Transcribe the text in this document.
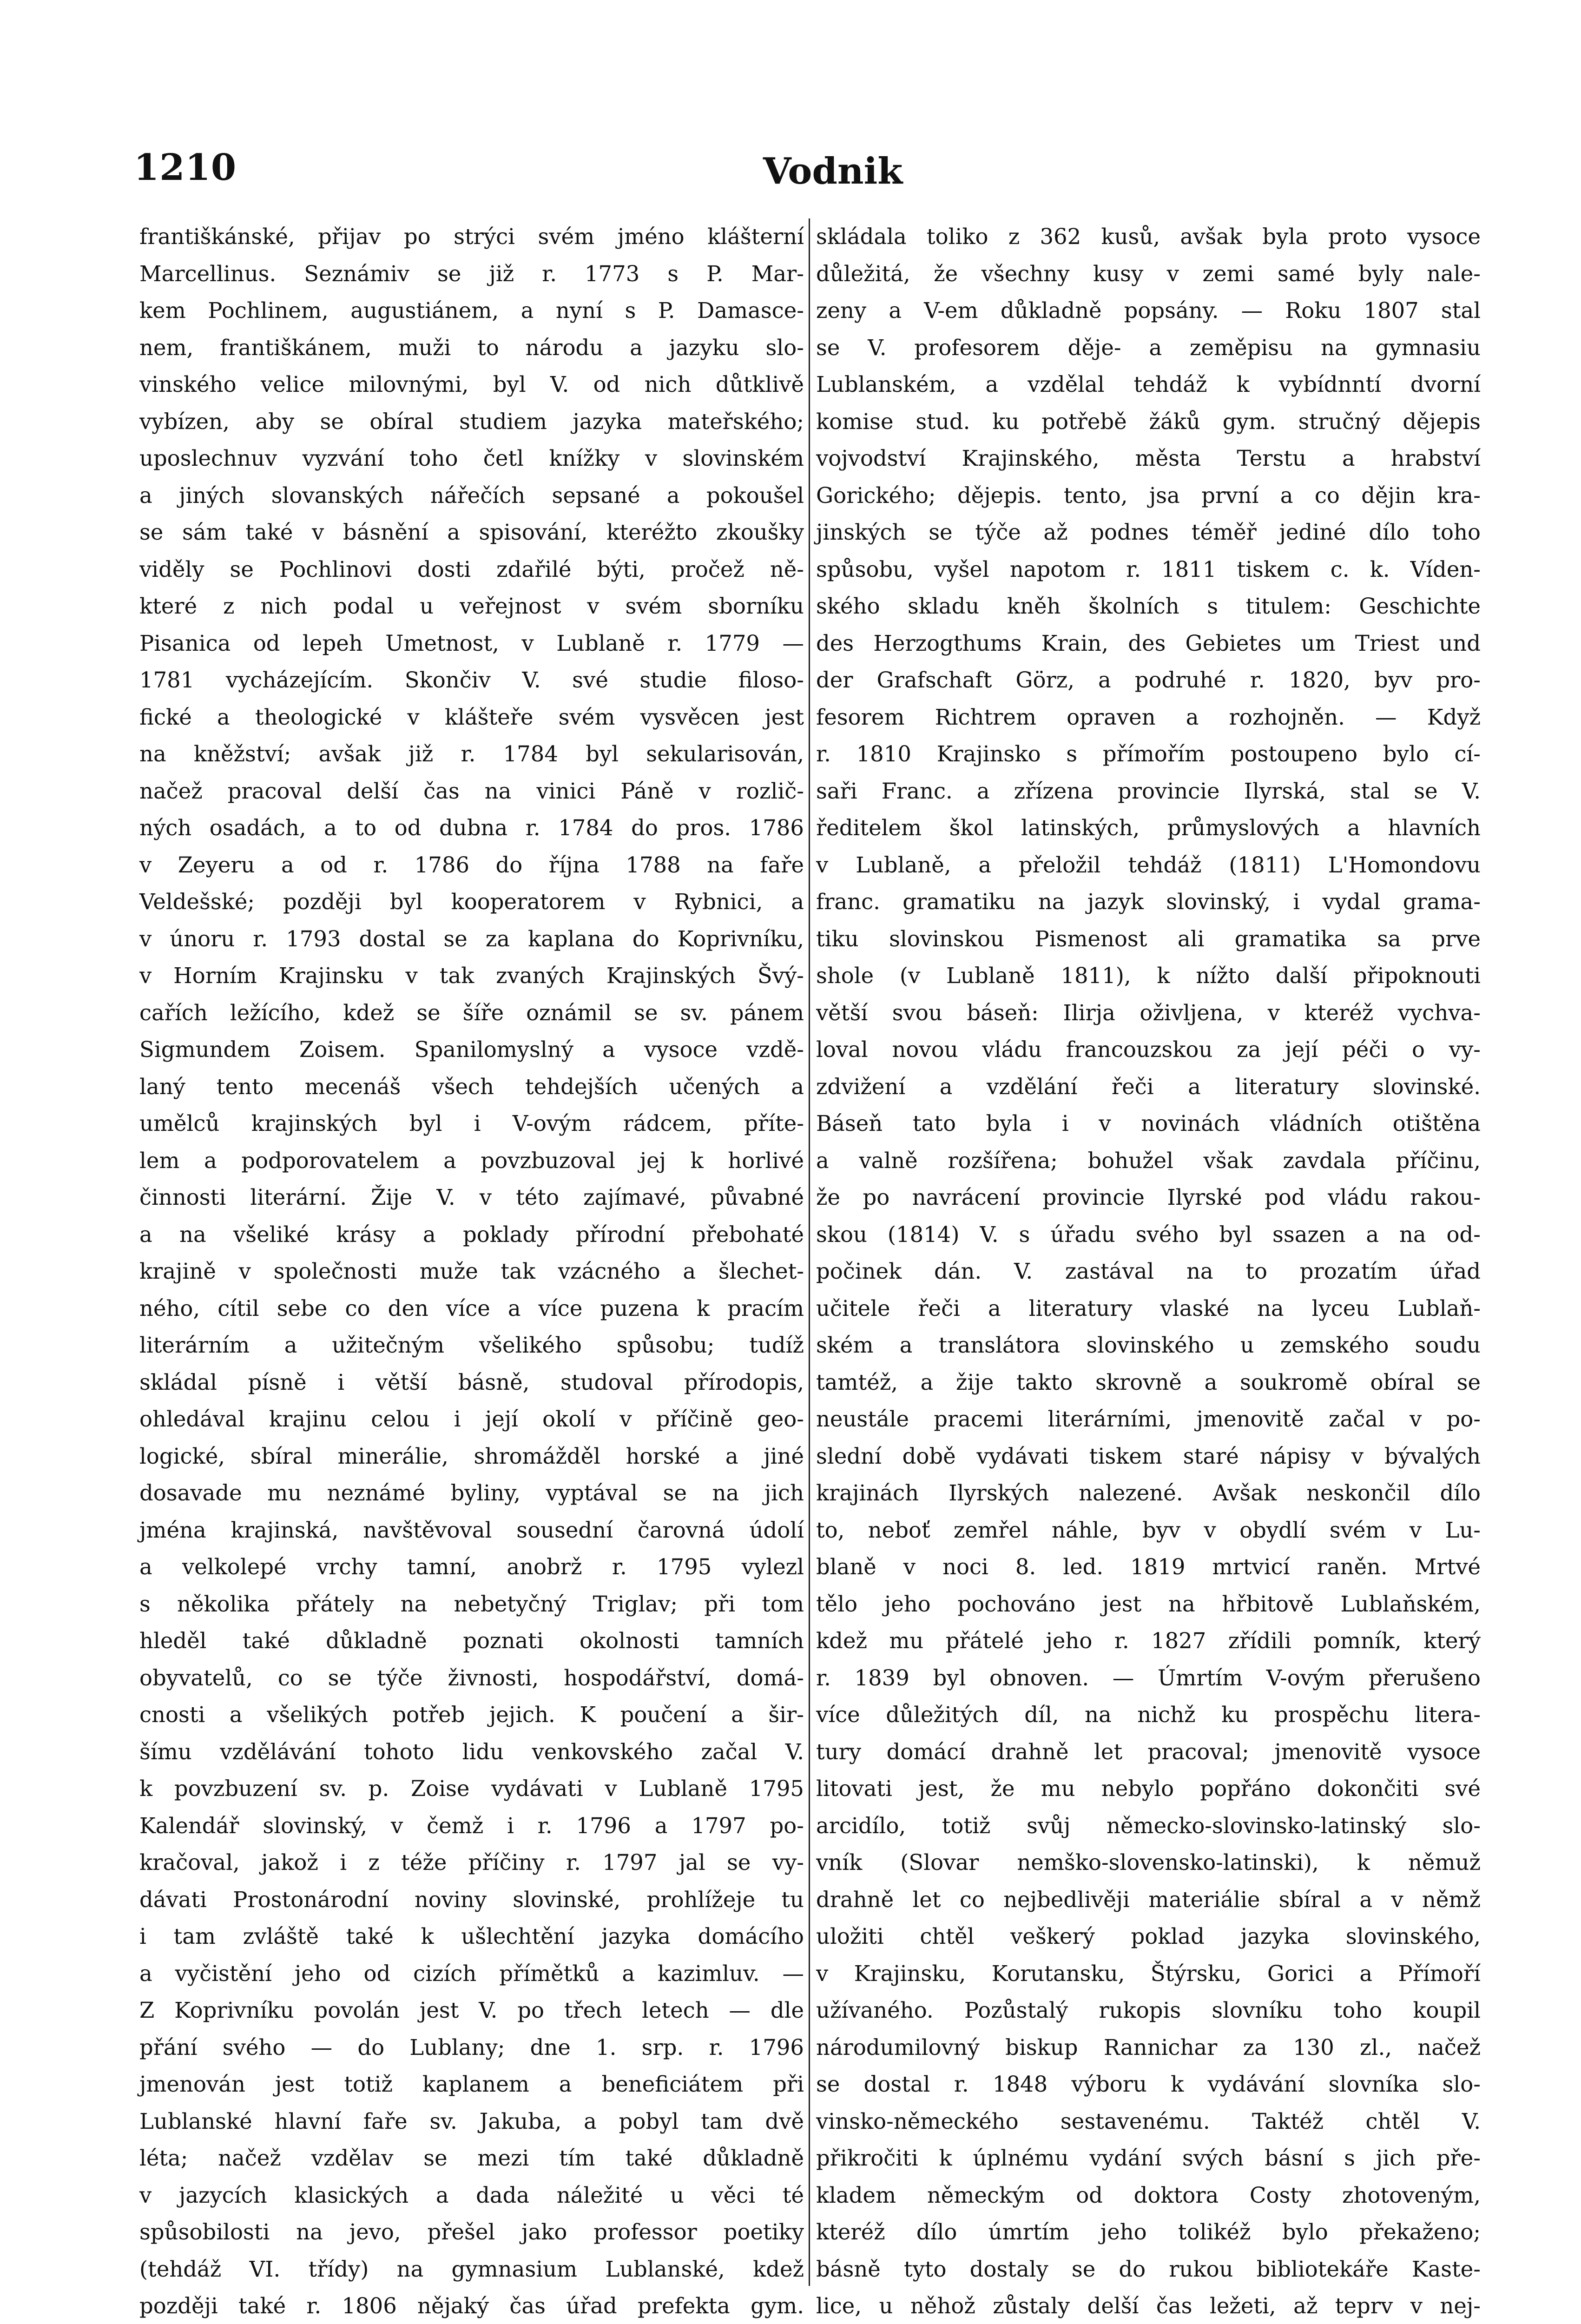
1210	Vodnik
františkánské, přijav po strýci svém jméno klášterní
Marcellinus. Seznámiv se již r. 1773 s P. Mar-
kem Pochlinem, augustiánem, a nyní s P. Damasce-
nem, františkánem, muži to národu a jazyku slo-
vinského velice milovnými, byl V. od nich důtklivě
vybízen, aby se obíral studiem jazyka mateřského;
uposlechnuv vyzvání toho četl knížky v slovinském
a jiných slovanských nářečích sepsané a pokoušel
se sám také v básnění a spisování, kteréžto zkoušky
viděly se Pochlinovi dosti zdařilé býti, pročež ně-
které z nich podal u veřejnost v svém sborníku
Pisanica od lepeh Umetnost, v Lublaně r. 1779 —
1781 vycházejícím. Skončiv V. své studie filoso-
fické a theologické v klášteře svém vysvěcen jest
na kněžství; avšak již r. 1784 byl sekularisován,
načež pracoval delší čas na vinici Páně v rozlič-
ných osadách, a to od dubna r. 1784 do pros. 1786
v Zeyeru a od r. 1786 do října 1788 na faře
Veldešské; později byl kooperatorem v Rybnici, a
v únoru r. 1793 dostal se za kaplana do Koprivníku,
v Horním Krajinsku v tak zvaných Krajinských Švý-
cařích ležícího, kdež se šíře oznámil se sv. pánem
Sigmundem Zoisem. Spanilomyslný a vysoce vzdě-
laný tento mecenáš všech tehdejších učených a
umělců krajinských byl i V-ovým rádcem, příte-
lem a podporovatelem a povzbuzoval jej k horlivé
činnosti literární. Žije V. v této zajímavé, půvabné
a na všeliké krásy a poklady přírodní přebohaté
krajině v společnosti muže tak vzácného a šlechet-
ného, cítil sebe co den více a více puzena k pracím
literárním a užitečným všelikého spůsobu; tudíž
skládal písně i větší básně, studoval přírodopis,
ohledával krajinu celou i její okolí v příčině geo-
logické, sbíral minerálie, shromážděl horské a jiné
dosavade mu neznámé byliny, vyptával se na jich
jména krajinská, navštěvoval sousední čarovná údolí
a velkolepé vrchy tamní, anobrž r. 1795 vylezl
s několika přátely na nebetyčný Triglav; při tom
hleděl také důkladně poznati okolnosti tamních
obyvatelů, co se týče živnosti, hospodářství, domá-
cnosti a všelikých potřeb jejich. K poučení a šir-
šímu vzdělávání tohoto lidu venkovského začal V.
k povzbuzení sv. p. Zoise vydávati v Lublaně 1795
Kalendář slovinský, v čemž i r. 1796 a 1797 po-
kračoval, jakož i z téže příčiny r. 1797 jal se vy-
dávati Prostonárodní noviny slovinské, prohlížeje tu
i tam zvláště také k ušlechtění jazyka domácího
a vyčistění jeho od cizích přímětků a kazimluv. —
Z Koprivníku povolán jest V. po třech letech — dle
přání svého — do Lublany; dne 1. srp. r. 1796
jmenován jest totiž kaplanem a beneficiátem při
Lublanské hlavní faře sv. Jakuba, a pobyl tam dvě
léta; načež vzdělav se mezi tím také důkladně
v jazycích klasických a dada náležité u věci té
spůsobilosti na jevo, přešel jako professor poetiky
(tehdáž VI. třídy) na gymnasium Lublanské, kdež
později také r. 1806 nějaký čas úřad prefekta gym.
skládala toliko z 362 kusů, avšak byla proto vysoce
důležitá, že všechny kusy v zemi samé byly nale-
zeny a V-em důkladně popsány. — Roku 1807 stal
se V. profesorem děje- a zeměpisu na gymnasiu
Lublanském, a vzdělal tehdáž k vybídnntí dvorní
komise stud. ku potřebě žáků gym. stručný dějepis
vojvodství Krajinského, města Terstu a hrabství
Gorického; dějepis. tento, jsa první a co dějin kra-
jinských se týče až podnes téměř jediné dílo toho
spůsobu, vyšel napotom r. 1811 tiskem c. k. Víden-
ského skladu kněh školních s titulem: Geschichte
des Herzogthums Krain, des Gebietes um Triest und
der Grafschaft Görz, a podruhé r. 1820, byv pro-
fesorem Richtrem opraven a rozhojněn. — Když
r. 1810 Krajinsko s přímořím postoupeno bylo cí-
saři Franc. a zřízena provincie Ilyrská, stal se V.
ředitelem škol latinských, průmyslových a hlavních
v Lublaně, a přeložil tehdáž (1811) L'Homondovu
franc. gramatiku na jazyk slovinský, i vydal grama-
tiku slovinskou Pismenost ali gramatika sa prve
shole (v Lublaně 1811), k nížto další připoknouti
větší svou báseň: Ilirja oživljena, v kteréž vychva-
loval novou vládu francouzskou za její péči o vy-
zdvižení a vzdělání řeči a literatury slovinské.
Báseň tato byla i v novinách vládních otištěna
a valně rozšířena; bohužel však zavdala příčinu,
že po navrácení provincie Ilyrské pod vládu rakou-
skou (1814) V. s úřadu svého byl ssazen a na od-
počinek dán. V. zastával na to prozatím úřad
učitele řeči a literatury vlaské na lyceu Lublaň-
ském a translátora slovinského u zemského soudu
tamtéž, a žije takto skrovně a soukromě obíral se
neustále pracemi literárními, jmenovitě začal v po-
slední době vydávati tiskem staré nápisy v bývalých
krajinách Ilyrských nalezené. Avšak neskončil dílo
to, neboť zemřel náhle, byv v obydlí svém v Lu-
blaně v noci 8. led. 1819 mrtvicí raněn. Mrtvé
tělo jeho pochováno jest na hřbitově Lublaňském,
kdež mu přátelé jeho r. 1827 zřídili pomník, který
r. 1839 byl obnoven. — Úmrtím V-ovým přerušeno
více důležitých díl, na nichž ku prospěchu litera-
tury domácí drahně let pracoval; jmenovitě vysoce
litovati jest, že mu nebylo popřáno dokončiti své
arcidílo, totiž svůj německo-slovinsko-latinský slo-
vník (Slovar nemško-slovensko-latinski), k němuž
drahně let co nejbedlivěji materiálie sbíral a v němž
uložiti chtěl veškerý poklad jazyka slovinského,
v Krajinsku, Korutansku, Štýrsku, Gorici a Přímoří
užívaného. Pozůstalý rukopis slovníku toho koupil
národumilovný biskup Rannichar za 130 zl., načež
se dostal r. 1848 výboru k vydávání slovníka slo-
vinsko-německého sestavenému. Taktéž chtěl V.
přikročiti k úplnému vydání svých básní s jich pře-
kladem německým od doktora Costy zhotoveným,
kteréž dílo úmrtím jeho tolikéž bylo překaženo;
básně tyto dostaly se do rukou bibliotekáře Kaste-
lice, u něhož zůstaly delší čas ležeti, až teprv v nej-
